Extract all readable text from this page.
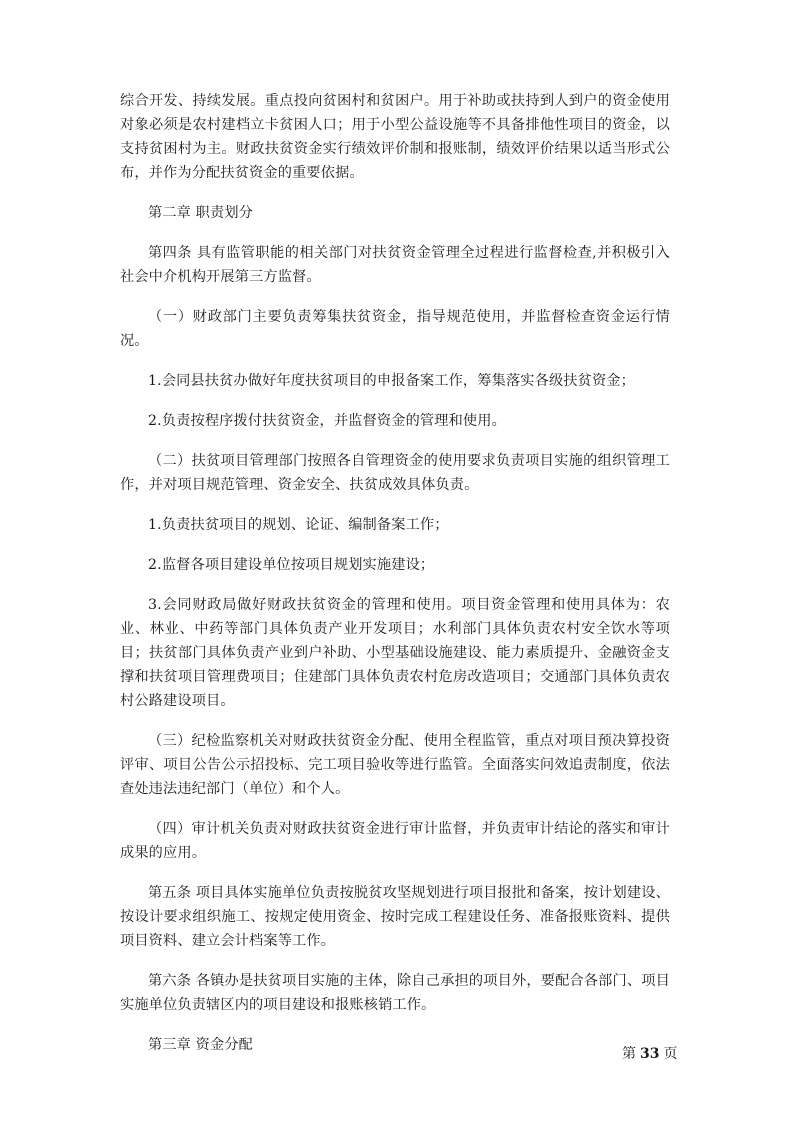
综合开发、持续发展。重点投向贫困村和贫困户。用于补助或扶持到人到户的资金使用对象必须是农村建档立卡贫困人口；用于小型公益设施等不具备排他性项目的资金，以支持贫困村为主。财政扶贫资金实行绩效评价制和报账制，绩效评价结果以适当形式公布，并作为分配扶贫资金的重要依据。

第二章 职责划分

第四条 具有监管职能的相关部门对扶贫资金管理全过程进行监督检查,并积极引入社会中介机构开展第三方监督。

（一）财政部门主要负责筹集扶贫资金，指导规范使用，并监督检查资金运行情况。

1.会同县扶贫办做好年度扶贫项目的申报备案工作，筹集落实各级扶贫资金；

2.负责按程序拨付扶贫资金，并监督资金的管理和使用。

（二）扶贫项目管理部门按照各自管理资金的使用要求负责项目实施的组织管理工作，并对项目规范管理、资金安全、扶贫成效具体负责。

1.负责扶贫项目的规划、论证、编制备案工作；

2.监督各项目建设单位按项目规划实施建设；

3.会同财政局做好财政扶贫资金的管理和使用。项目资金管理和使用具体为：农业、林业、中药等部门具体负责产业开发项目；水利部门具体负责农村安全饮水等项目；扶贫部门具体负责产业到户补助、小型基础设施建设、能力素质提升、金融资金支撑和扶贫项目管理费项目；住建部门具体负责农村危房改造项目；交通部门具体负责农村公路建设项目。

（三）纪检监察机关对财政扶贫资金分配、使用全程监管，重点对项目预决算投资评审、项目公告公示招投标、完工项目验收等进行监管。全面落实问效追责制度，依法查处违法违纪部门（单位）和个人。

（四）审计机关负责对财政扶贫资金进行审计监督，并负责审计结论的落实和审计成果的应用。

第五条 项目具体实施单位负责按脱贫攻坚规划进行项目报批和备案，按计划建设、按设计要求组织施工、按规定使用资金、按时完成工程建设任务、准备报账资料、提供项目资料、建立会计档案等工作。

第六条 各镇办是扶贫项目实施的主体，除自己承担的项目外，要配合各部门、项目实施单位负责辖区内的项目建设和报账核销工作。

第三章 资金分配

第 33 页
